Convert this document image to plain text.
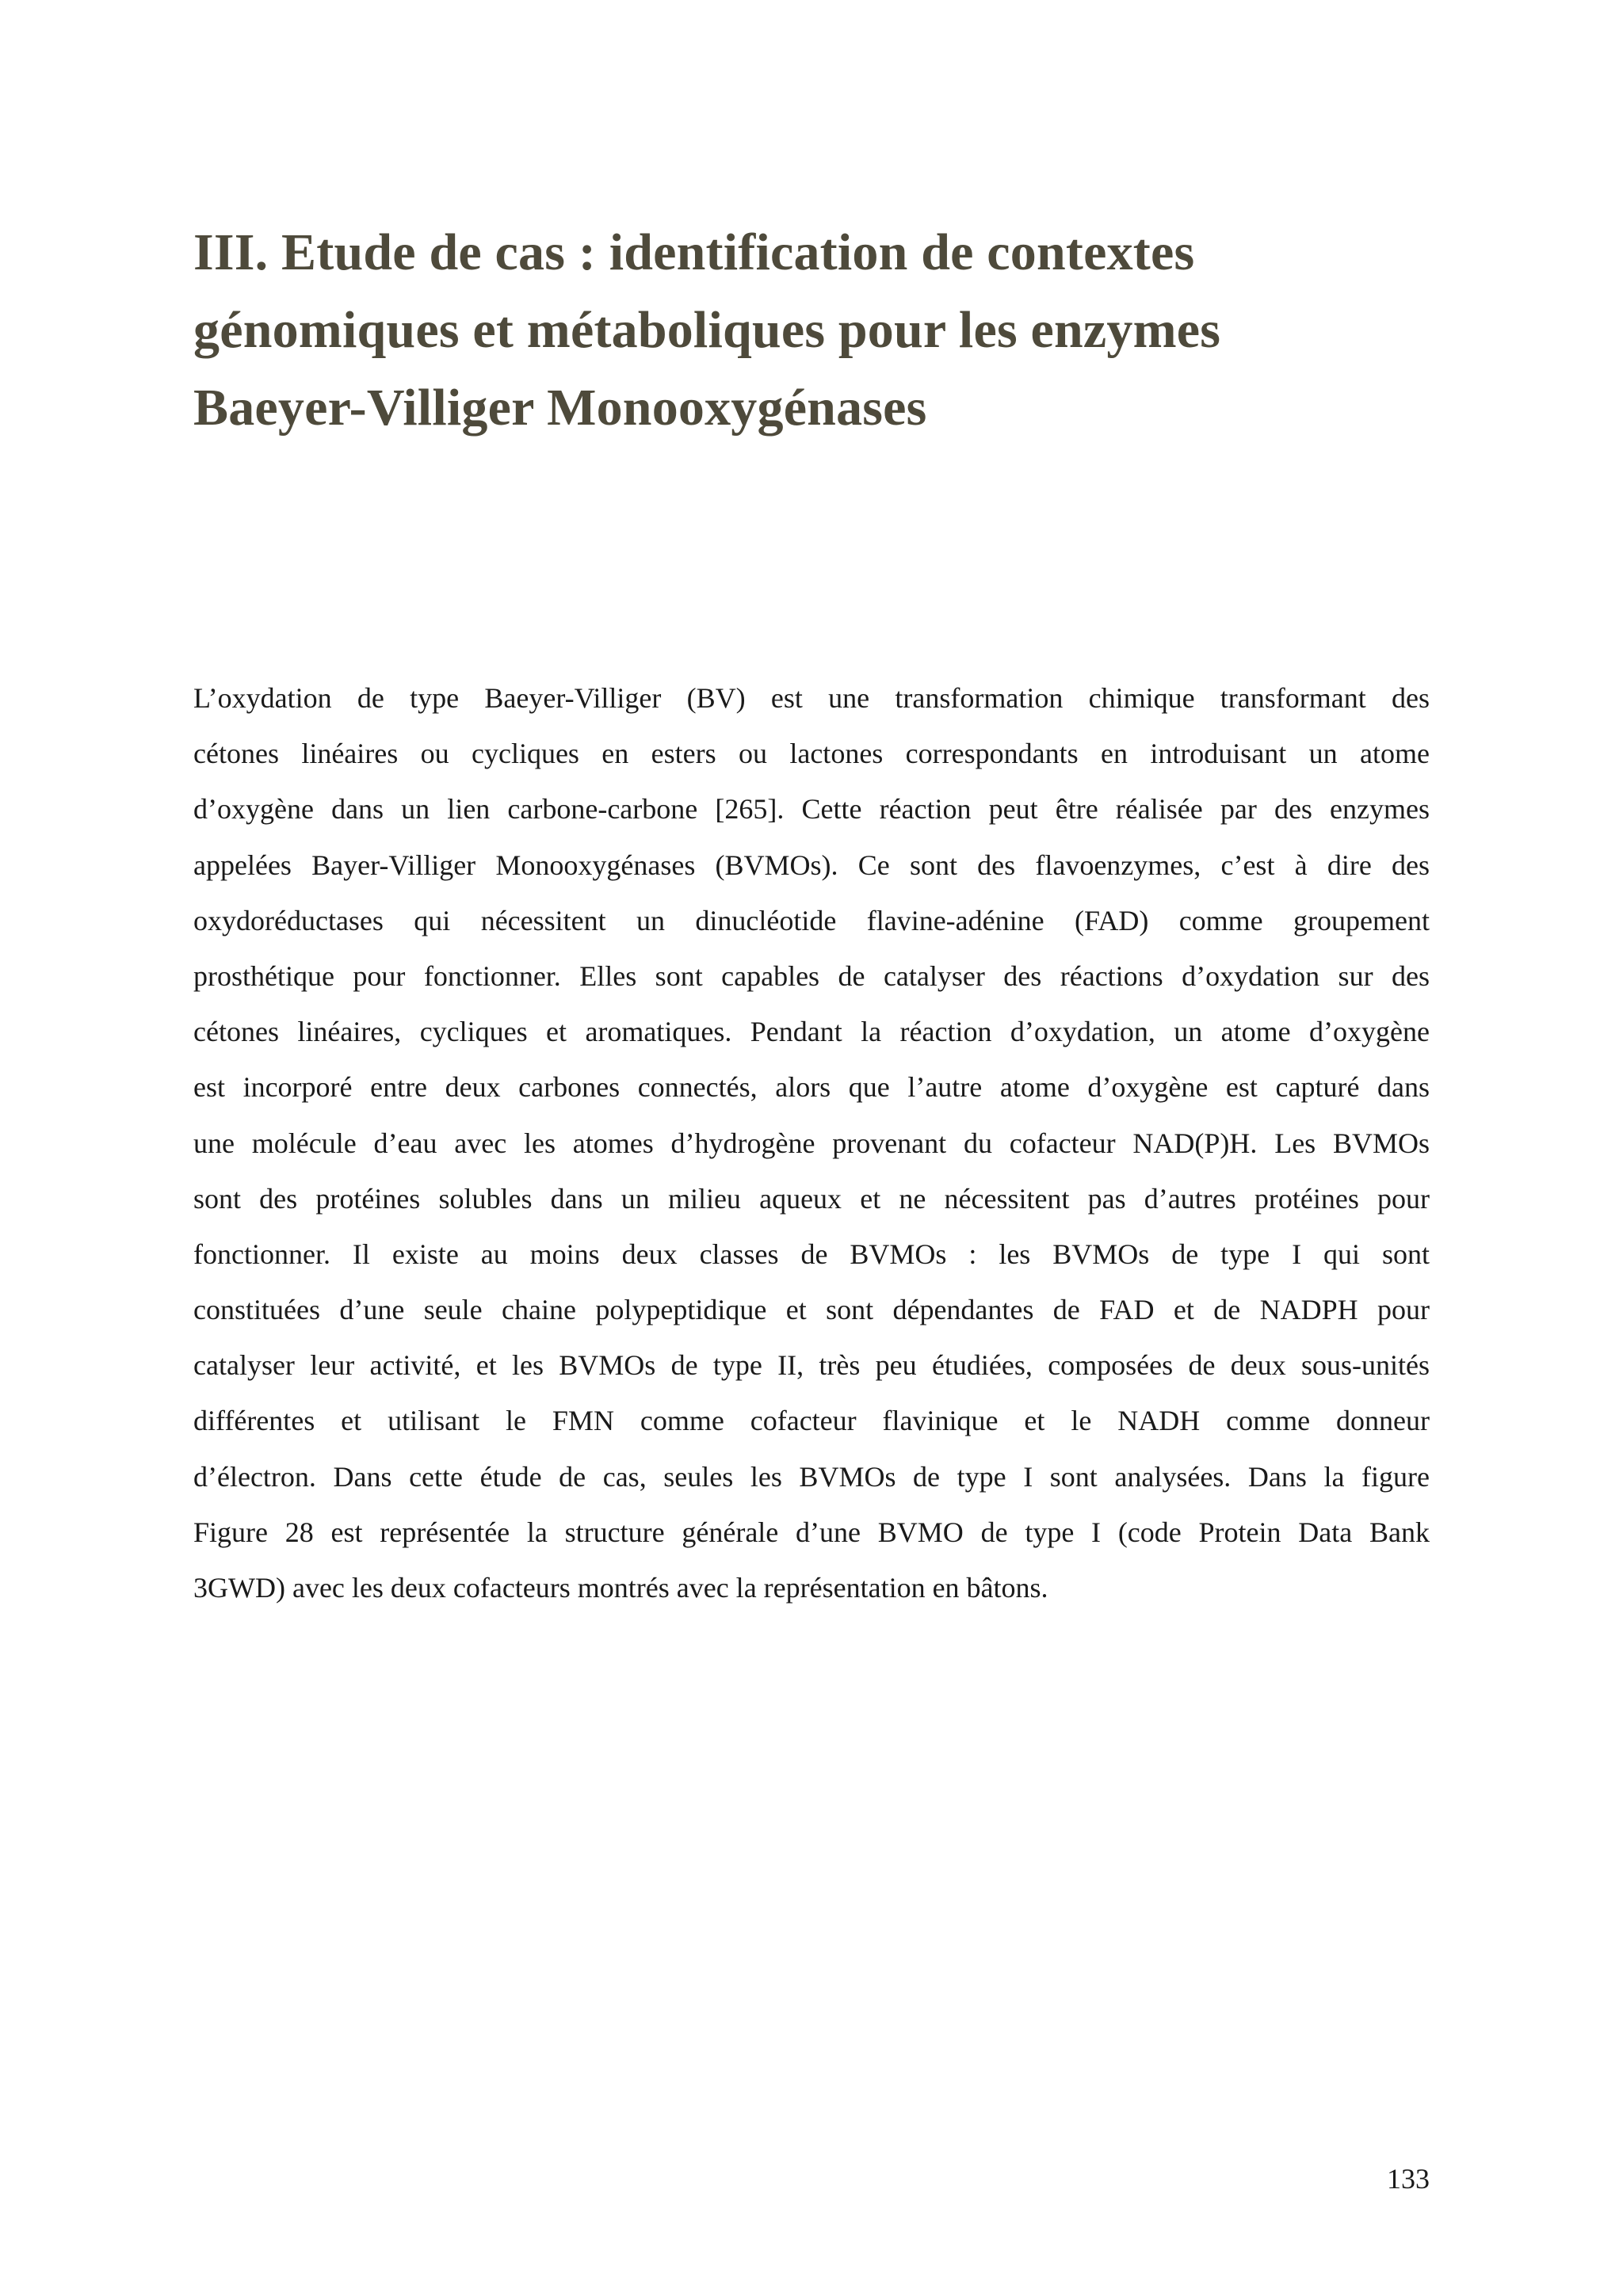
III. Etude de cas : identification de contextes
génomiques et métaboliques pour les enzymes
Baeyer-Villiger Monooxygénases
L’oxydation de type Baeyer-Villiger (BV) est une transformation chimique transformant des
cétones linéaires ou cycliques en esters ou lactones correspondants en introduisant un atome
d’oxygène dans un lien carbone-carbone [265]. Cette réaction peut être réalisée par des enzymes
appelées Bayer-Villiger Monooxygénases (BVMOs). Ce sont des flavoenzymes, c’est à dire des
oxydoréductases qui nécessitent un dinucléotide flavine-adénine (FAD) comme groupement
prosthétique pour fonctionner. Elles sont capables de catalyser des réactions d’oxydation sur des
cétones linéaires, cycliques et aromatiques. Pendant la réaction d’oxydation, un atome d’oxygène
est incorporé entre deux carbones connectés, alors que l’autre atome d’oxygène est capturé dans
une molécule d’eau avec les atomes d’hydrogène provenant du cofacteur NAD(P)H. Les BVMOs
sont des protéines solubles dans un milieu aqueux et ne nécessitent pas d’autres protéines pour
fonctionner. Il existe au moins deux classes de BVMOs : les BVMOs de type I qui sont
constituées d’une seule chaine polypeptidique et sont dépendantes de FAD et de NADPH pour
catalyser leur activité, et les BVMOs de type II, très peu étudiées, composées de deux sous-unités
différentes et utilisant le FMN comme cofacteur flavinique et le NADH comme donneur
d’électron. Dans cette étude de cas, seules les BVMOs de type I sont analysées. Dans la figure
Figure 28 est représentée la structure générale d’une BVMO de type I (code Protein Data Bank
3GWD) avec les deux cofacteurs montrés avec la représentation en bâtons.
133
